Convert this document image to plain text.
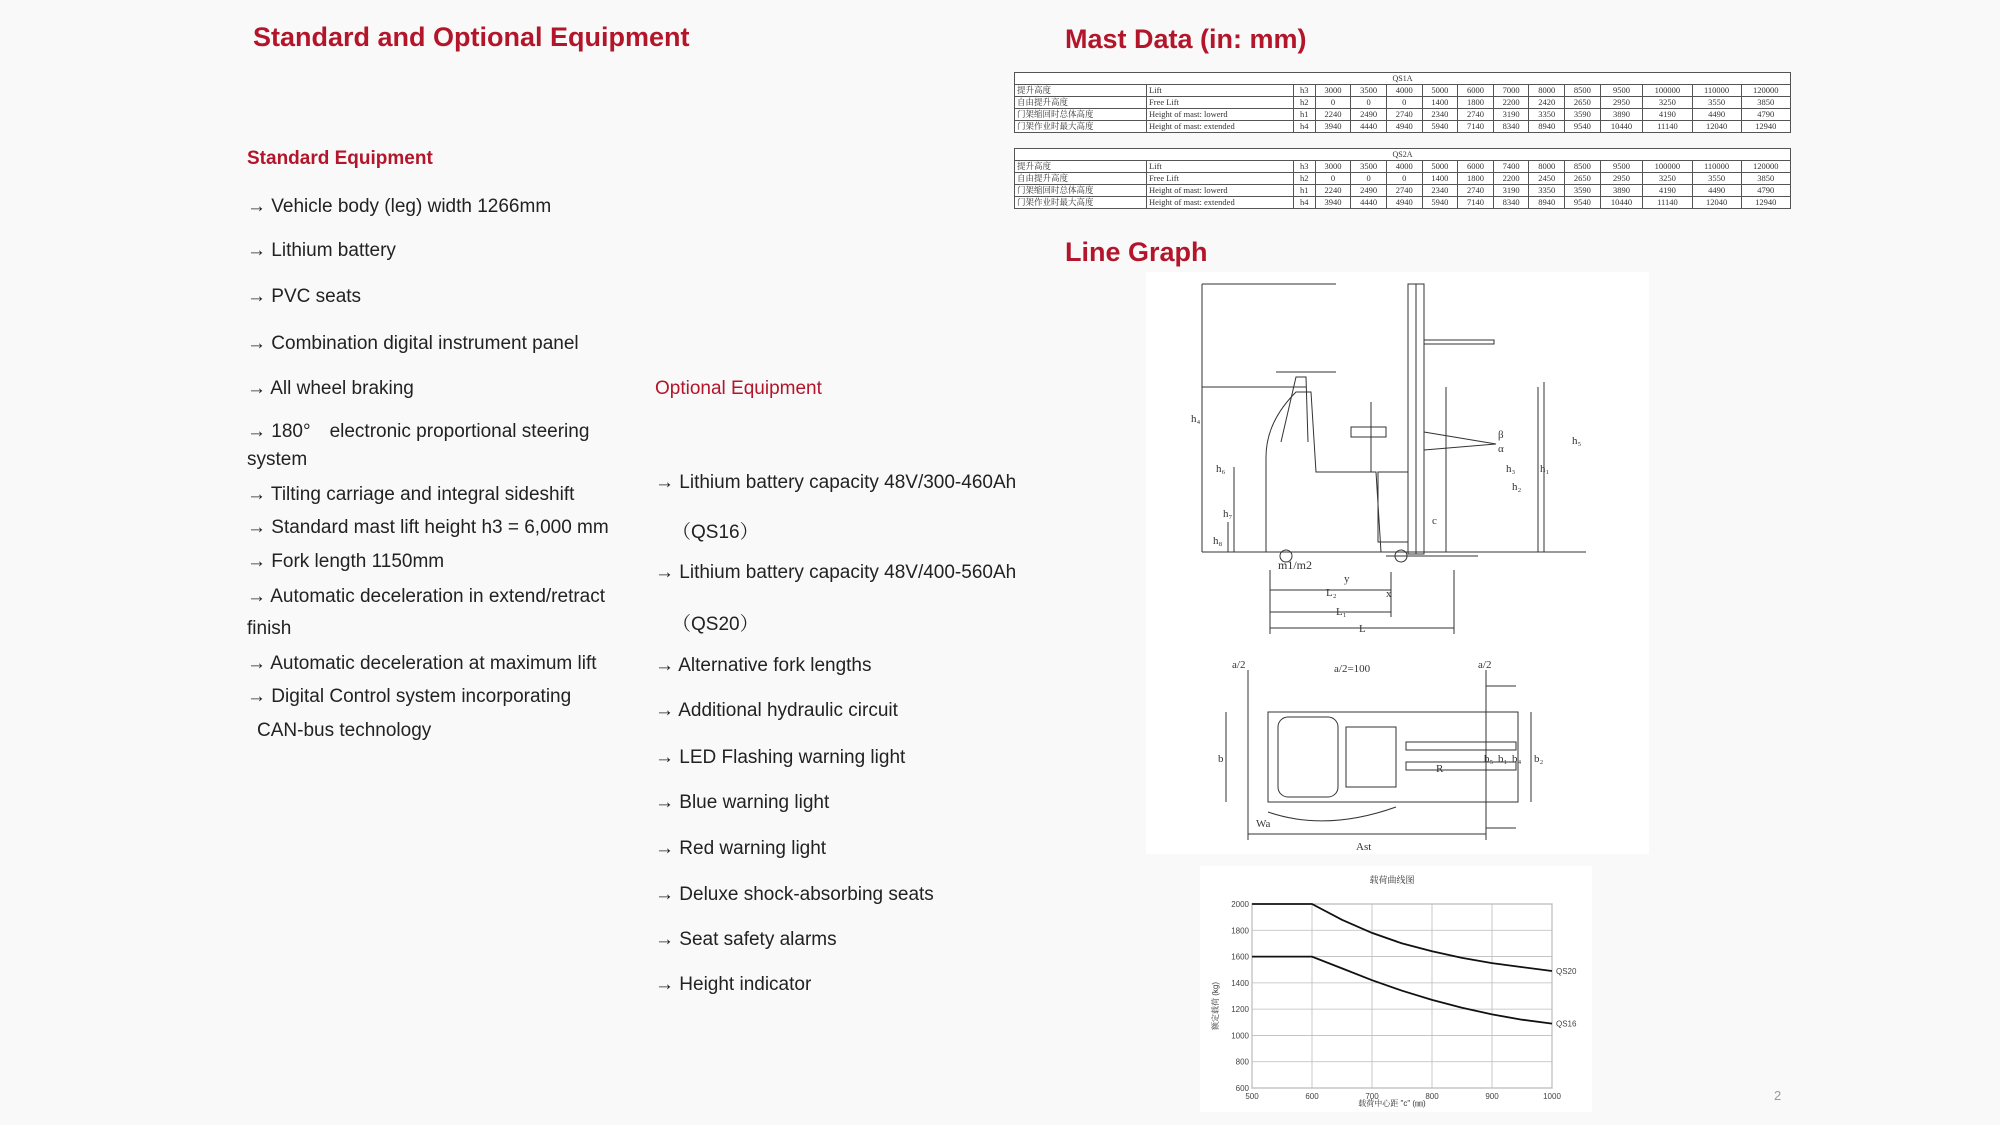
Standard and Optional Equipment	Mast Data (in: mm)
Line Graph
Standard Equipment
Optional Equipment
→ Vehicle body (leg) width 1266mm
→ Lithium battery
→ PVC seats
→ Combination digital instrument panel
→ All wheel braking
→ 180°　electronic proportional steering
system
→ Tilting carriage and integral sideshift
→ Standard mast lift height h3 = 6,000 mm
→ Fork length 1150mm
→ Automatic deceleration in extend/retract
finish
→ Automatic deceleration at maximum lift
→ Digital Control system incorporating
CAN-bus technology
→ Lithium battery capacity 48V/300-460Ah
（QS16）
→ Lithium battery capacity 48V/400-560Ah
（QS20）
→ Alternative fork lengths
→ Additional hydraulic circuit
→ LED Flashing warning light
→ Blue warning light
→ Red warning light
→ Deluxe shock-absorbing seats
→ Seat safety alarms
→ Height indicator
QS1A														
提升高度	Lift	h3	3000	3500	4000	5000	6000	7000	8000	8500	9500	100000	110000	120000
自由提升高度	Free Lift	h2	0	0	0	1400	1800	2200	2420	2650	2950	3250	3550	3850
门架缩回时总体高度	Height of mast: lowerd	h1	2240	2490	2740	2340	2740	3190	3350	3590	3890	4190	4490	4790
门架作业时最大高度	Height of mast: extended	h4	3940	4440	4940	5940	7140	8340	8940	9540	10440	11140	12040	12940
QS2A														
提升高度	Lift	h3	3000	3500	4000	5000	6000	7400	8000	8500	9500	100000	110000	120000
自由提升高度	Free Lift	h2	0	0	0	1400	1800	2200	2450	2650	2950	3250	3550	3850
门架缩回时总体高度	Height of mast: lowerd	h1	2240	2490	2740	2340	2740	3190	3350	3590	3890	4190	4490	4790
门架作业时最大高度	Height of mast: extended	h4	3940	4440	4940	5940	7140	8340	8940	9540	10440	11140	12040	12940
h₄
h₆
h₇
h₈
h₃
h₂
h₁
h₅
m1/m2
y
x
L₂
L₁
L
β
α
c
a/2	a/2=100	a/2
b	b₅ b₁ b₄ b₂
Ast
Wa
R
载荷曲线图
载荷中心距 "c" (㎜)
额定载荷 (kg)
500	600	700	800	900	1000
600
800
1000
1200
1400
1600
1800
2000
QS20
QS16
2
